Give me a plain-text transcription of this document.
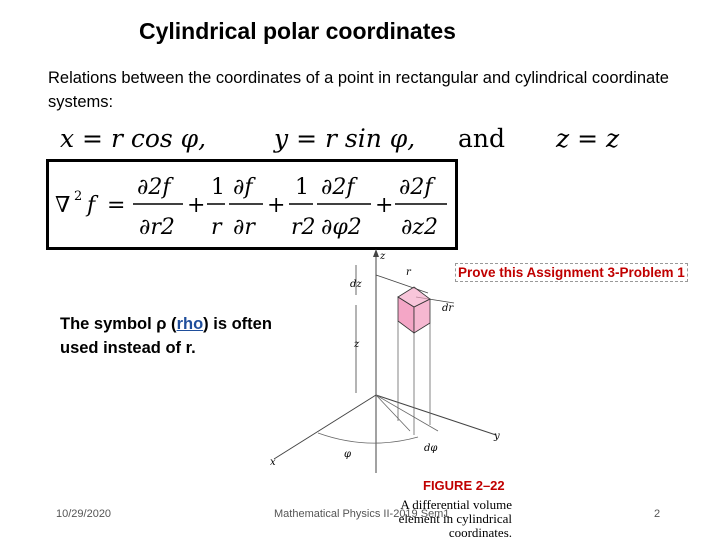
Cylindrical polar coordinates
Relations between the coordinates of a point in rectangular and cylindrical coordinate systems:
x = r cos φ,	y = r sin φ, and z = z
∇ 2 f =
∂2f
∂r2
+
1
r
∂f
∂r
+
1
r2
∂2f
∂φ2
+
∂2f
∂z2
Prove this Assignment 3-Problem 1
The symbol ρ (rho) is often used instead of r.
z
y
x
φ
dφ
r
dr
dz
z
FIGURE 2–22
A differential volume element in cylindrical coordinates.
10/29/2020	Mathematical Physics II-2019 Sem1	2
